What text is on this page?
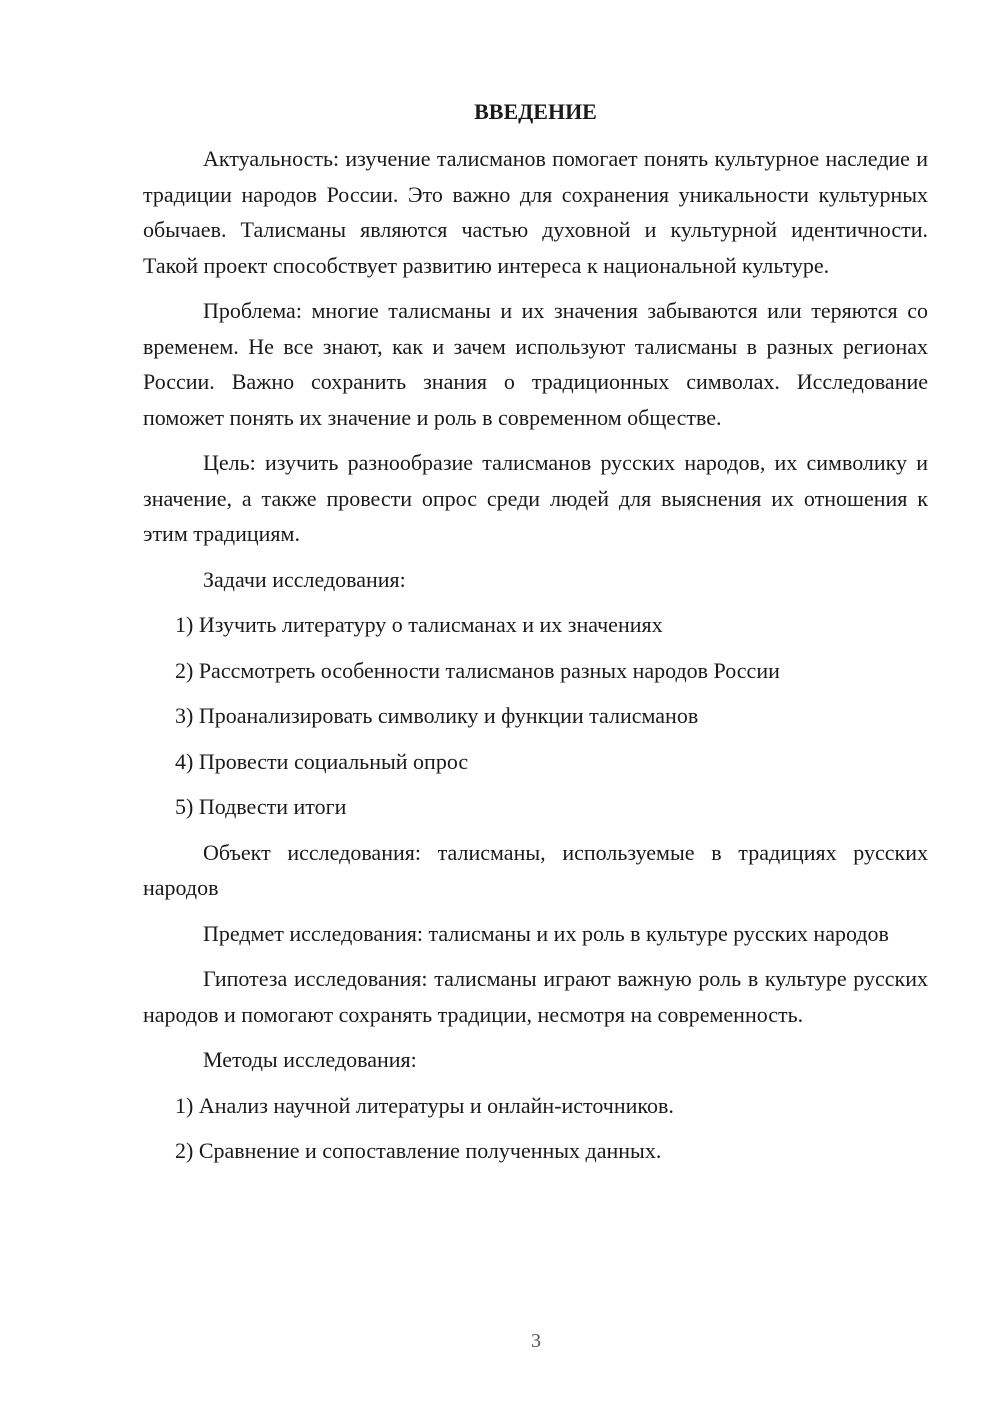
ВВЕДЕНИЕ

Актуальность: изучение талисманов помогает понять культурное наследие и традиции народов России. Это важно для сохранения уникальности культурных обычаев. Талисманы являются частью духовной и культурной идентичности. Такой проект способствует развитию интереса к национальной культуре.

Проблема: многие талисманы и их значения забываются или теряются со временем. Не все знают, как и зачем используют талисманы в разных регионах России. Важно сохранить знания о традиционных символах. Исследование поможет понять их значение и роль в современном обществе.

Цель: изучить разнообразие талисманов русских народов, их символику и значение, а также провести опрос среди людей для выяснения их отношения к этим традициям.

Задачи исследования:

1) Изучить литературу о талисманах и их значениях

2) Рассмотреть особенности талисманов разных народов России

3) Проанализировать символику и функции талисманов

4) Провести социальный опрос

5) Подвести итоги

Объект исследования: талисманы, используемые в традициях русских народов

Предмет исследования: талисманы и их роль в культуре русских народов

Гипотеза исследования: талисманы играют важную роль в культуре русских народов и помогают сохранять традиции, несмотря на современность.

Методы исследования:

1) Анализ научной литературы и онлайн-источников.

2) Сравнение и сопоставление полученных данных.

3
